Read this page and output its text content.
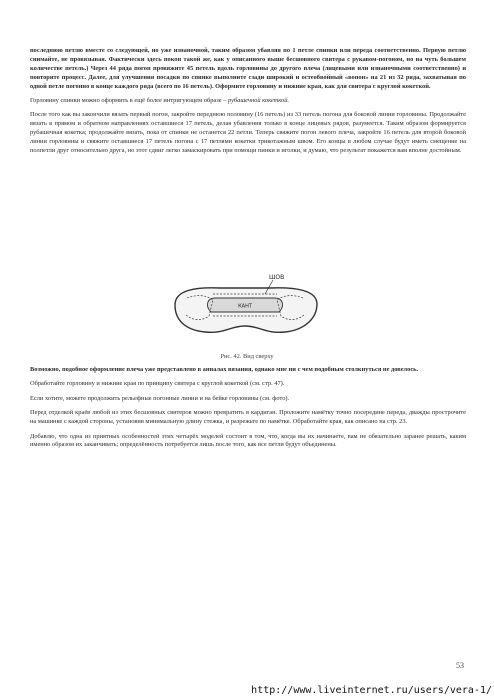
последнюю петлю вместе со следующей, но уже изнаночной, таким образом убавляя по 1 петле спинки или переда соответственно. Первую петлю снимайте, не провязывая. Фактически здесь покон такой же, как у описанного выше бесшовного свитера с рукавом-погоном, но на чуть большем количестве петель.) Через 44 ряда погон провяжите 45 петель вдоль горловины до другого плеча (лицевыми или изнаночными соответственно) и повторите процесс. Далее, для улучшения посадки по спинке выполните сзади широкий и остеобвойный «вопон» на 21 из 32 ряда, захватывая по одной петле погонно в конце каждого ряда (всего по 16 петель). Оформите горловину и нижние края, как для свитера с круглой кокеткой.

Горловину спинки можно оформить в ещё более интригующем образе – рубашечной кокеткой.

После того как вы закончили вязать первый погон, закройте переднюю половину (16 петель) из 33 петель погона для боковой линии горловины. Продолжайте вязать в прямом и обратном направлениях оставшиеся 17 петель, делая убавления только в конце лицевых рядов, разумеется. Таким образом формируется рубашечная кокетка; продолжайте вязать, пока от спинки не останется 22 петли. Теперь свяжите погон левого плеча, закройте 16 петель для второй боковой линии горловины и свяжите оставшиеся 17 петель погона с 17 петлями кокетки трикотажным швом. Его концы в любом случае будут иметь смещение на полпетли друг относительно друга, но этот сдвиг легко замаскировать при помощи пинки и иголки, и думаю, что результат покажется вам вполне достойным.

ШОВ
КАНТ
Рис. 42. Вид сверху

Возможно, подобное оформление плеча уже представлено в анналах вязания, однако мне ни с чем подобным столкнуться не довелось.

Обработайте горловину и нижние края по принципу свитера с круглой кокеткой (см. стр. 47).

Если хотите, можете продолжить рельефные погонные линии и на бейке горловины (см. фото).

Перед отделкой краёв любой из этих бесшовных свитеров можно превратить в кардиган. Проложите намётку точно посередине переда, дважды прострочите на машинке с каждой стороны, установив минимальную длину стежка, и разрежьте по намётке. Обработайте края, как описано на стр. 23.

Добавлю, что одна из приятных особенностей этих четырёх моделей состоит в том, что, когда вы их начинаете, вам не обязательно заранее решать, каким именно образом их заканчивать; определённость потребуется лишь после того, как все петли будут объединены.

53
http://www.liveinternet.ru/users/vera-1/
